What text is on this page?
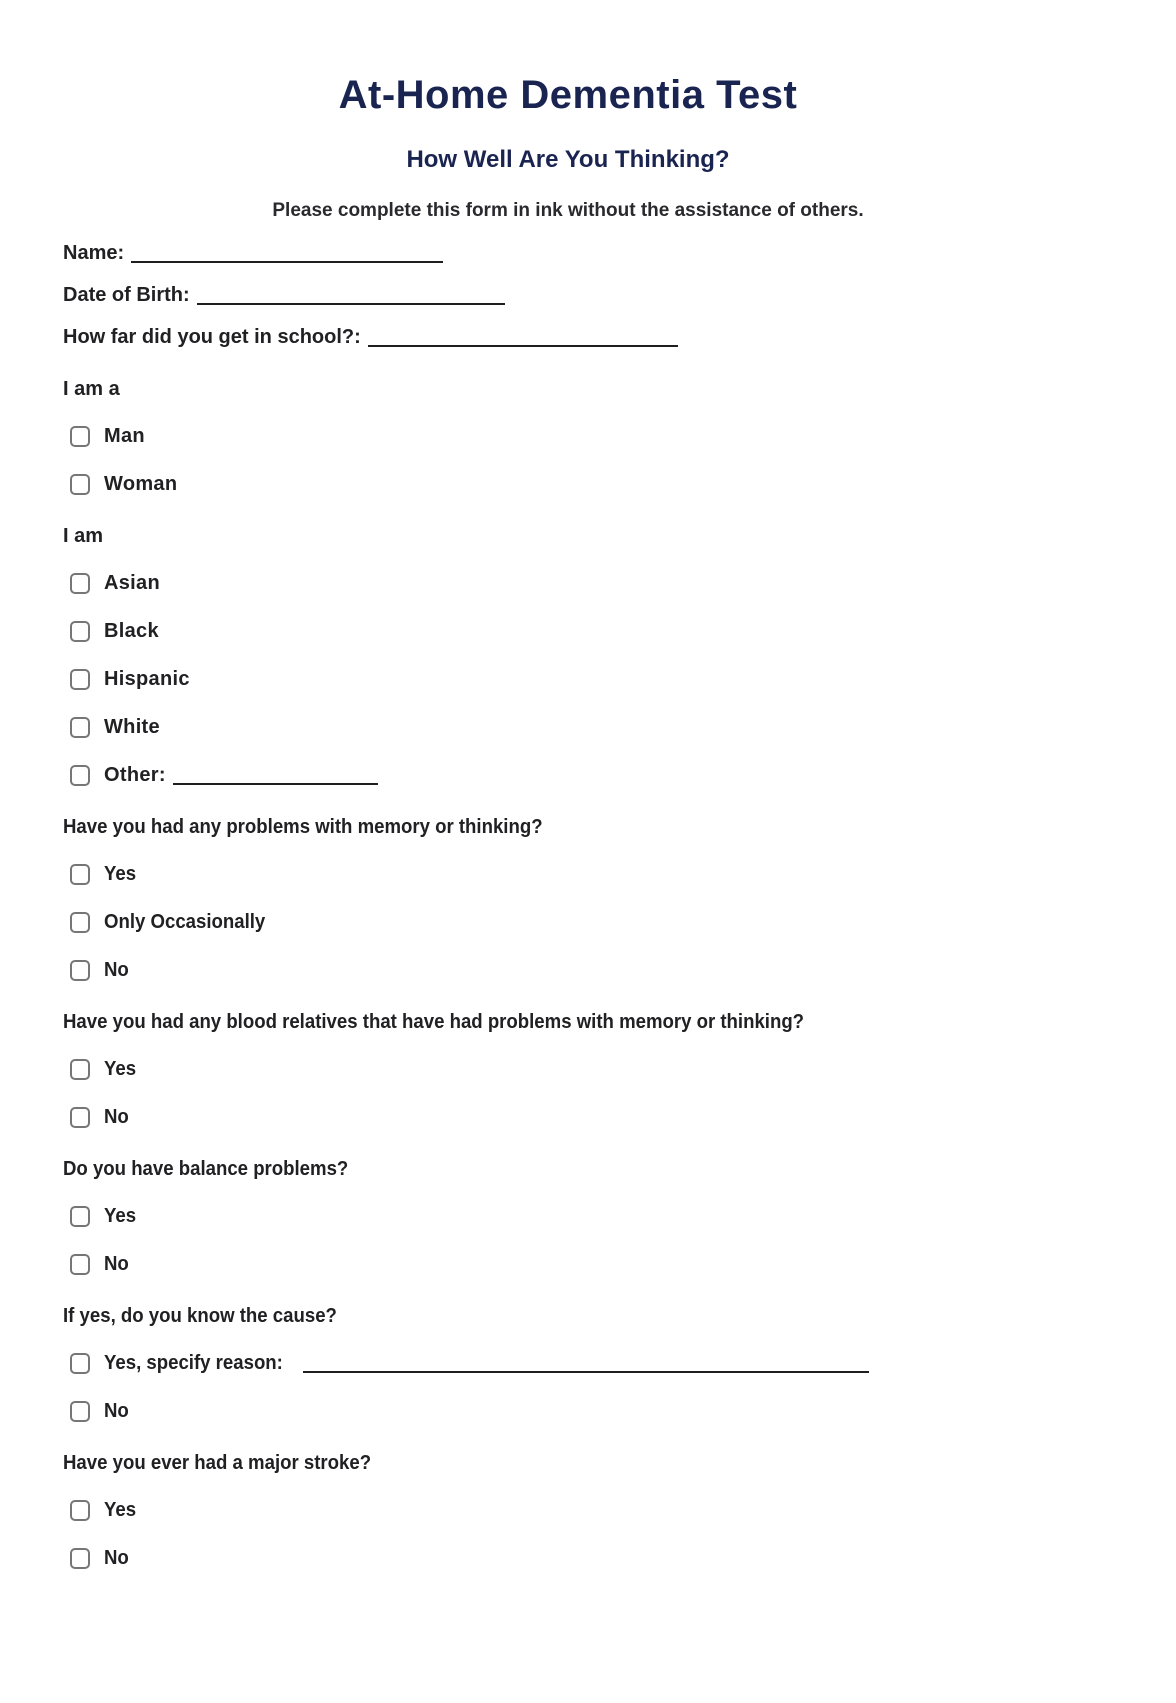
At-Home Dementia Test
How Well Are You Thinking?
Please complete this form in ink without the assistance of others.
Name:
Date of Birth:
How far did you get in school?:
I am a
Man
Woman
I am
Asian
Black
Hispanic
White
Other:
Have you had any problems with memory or thinking?
Yes
Only Occasionally
No
Have you had any blood relatives that have had problems with memory or thinking?
Yes
No
Do you have balance problems?
Yes
No
If yes, do you know the cause?
Yes, specify reason:
No
Have you ever had a major stroke?
Yes
No
